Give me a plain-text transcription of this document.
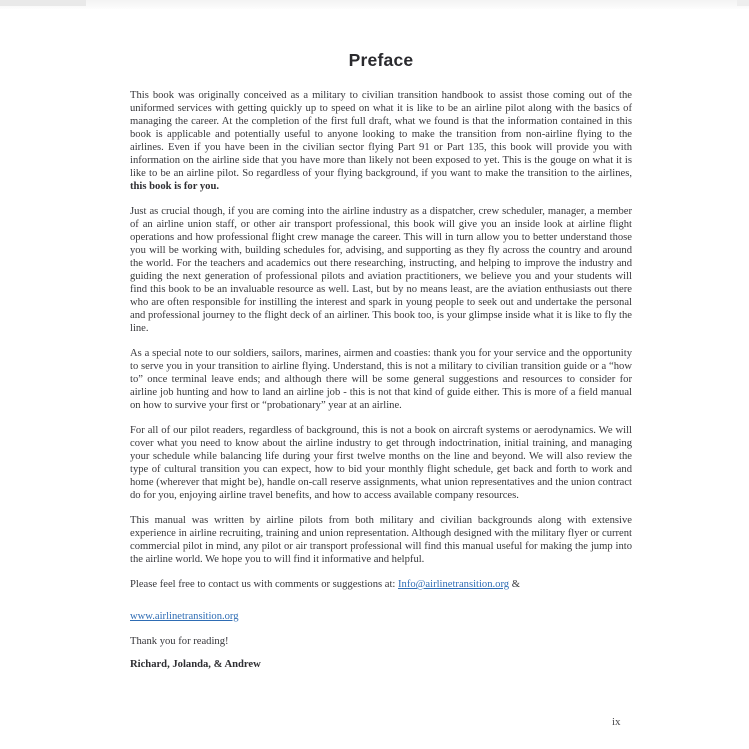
Preface

This book was originally conceived as a military to civilian transition handbook to assist those coming out of the uniformed services with getting quickly up to speed on what it is like to be an airline pilot along with the basics of managing the career. At the completion of the first full draft, what we found is that the information contained in this book is applicable and potentially useful to anyone looking to make the transition from non-airline flying to the airlines. Even if you have been in the civilian sector flying Part 91 or Part 135, this book will provide you with information on the airline side that you have more than likely not been exposed to yet. This is the gouge on what it is like to be an airline pilot. So regardless of your flying background, if you want to make the transition to the airlines, this book is for you.

Just as crucial though, if you are coming into the airline industry as a dispatcher, crew scheduler, manager, a member of an airline union staff, or other air transport professional, this book will give you an inside look at airline flight operations and how professional flight crew manage the career. This will in turn allow you to better understand those you will be working with, building schedules for, advising, and supporting as they fly across the country and around the world. For the teachers and academics out there researching, instructing, and helping to improve the industry and guiding the next generation of professional pilots and aviation practitioners, we believe you and your students will find this book to be an invaluable resource as well. Last, but by no means least, are the aviation enthusiasts out there who are often responsible for instilling the interest and spark in young people to seek out and undertake the personal and professional journey to the flight deck of an airliner. This book too, is your glimpse inside what it is like to fly the line.

As a special note to our soldiers, sailors, marines, airmen and coasties: thank you for your service and the opportunity to serve you in your transition to airline flying. Understand, this is not a military to civilian transition guide or a “how to” once terminal leave ends; and although there will be some general suggestions and resources to consider for airline job hunting and how to land an airline job - this is not that kind of guide either. This is more of a field manual on how to survive your first or “probationary” year at an airline.

For all of our pilot readers, regardless of background, this is not a book on aircraft systems or aerodynamics. We will cover what you need to know about the airline industry to get through indoctrination, initial training, and managing your schedule while balancing life during your first twelve months on the line and beyond. We will also review the type of cultural transition you can expect, how to bid your monthly flight schedule, get back and forth to work and home (wherever that might be), handle on-call reserve assignments, what union representatives and the union contract do for you, enjoying airline travel benefits, and how to access available company resources.

This manual was written by airline pilots from both military and civilian backgrounds along with extensive experience in airline recruiting, training and union representation. Although designed with the military flyer or current commercial pilot in mind, any pilot or air transport professional will find this manual useful for making the jump into the airline world. We hope you to will find it informative and helpful.

Please feel free to contact us with comments or suggestions at: Info@airlinetransition.org &

www.airlinetransition.org

Thank you for reading!

Richard, Jolanda, & Andrew

ix
